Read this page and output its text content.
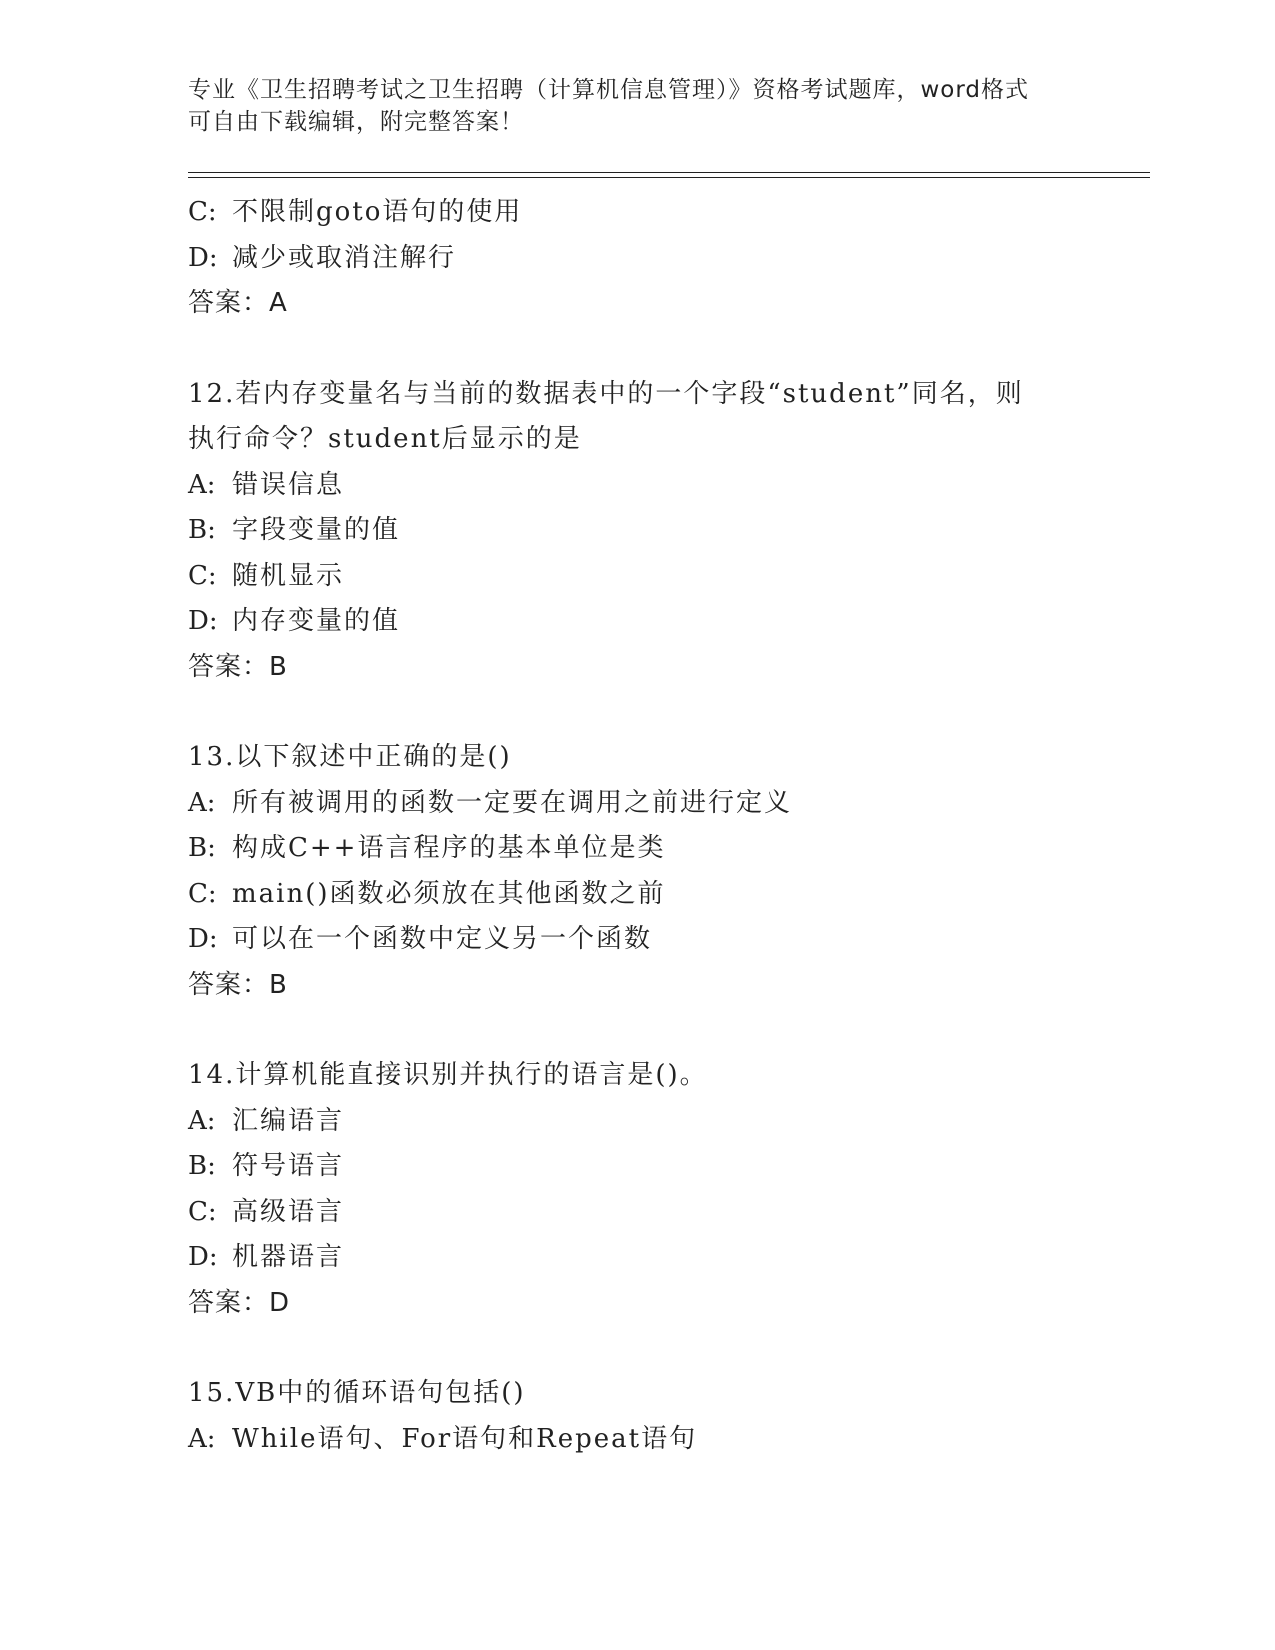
专业《卫生招聘考试之卫生招聘（计算机信息管理）》资格考试题库，word格式
可自由下载编辑，附完整答案！
C: 不限制goto语句的使用
D: 减少或取消注解行
答案：A
12.若内存变量名与当前的数据表中的一个字段“student”同名，则
执行命令？student后显示的是
A: 错误信息
B: 字段变量的值
C: 随机显示
D: 内存变量的值
答案：B
13.以下叙述中正确的是()
A: 所有被调用的函数一定要在调用之前进行定义
B: 构成C++语言程序的基本单位是类
C: main()函数必须放在其他函数之前
D: 可以在一个函数中定义另一个函数
答案：B
14.计算机能直接识别并执行的语言是()。
A: 汇编语言
B: 符号语言
C: 高级语言
D: 机器语言
答案：D
15.VB中的循环语句包括()
A: While语句、For语句和Repeat语句
